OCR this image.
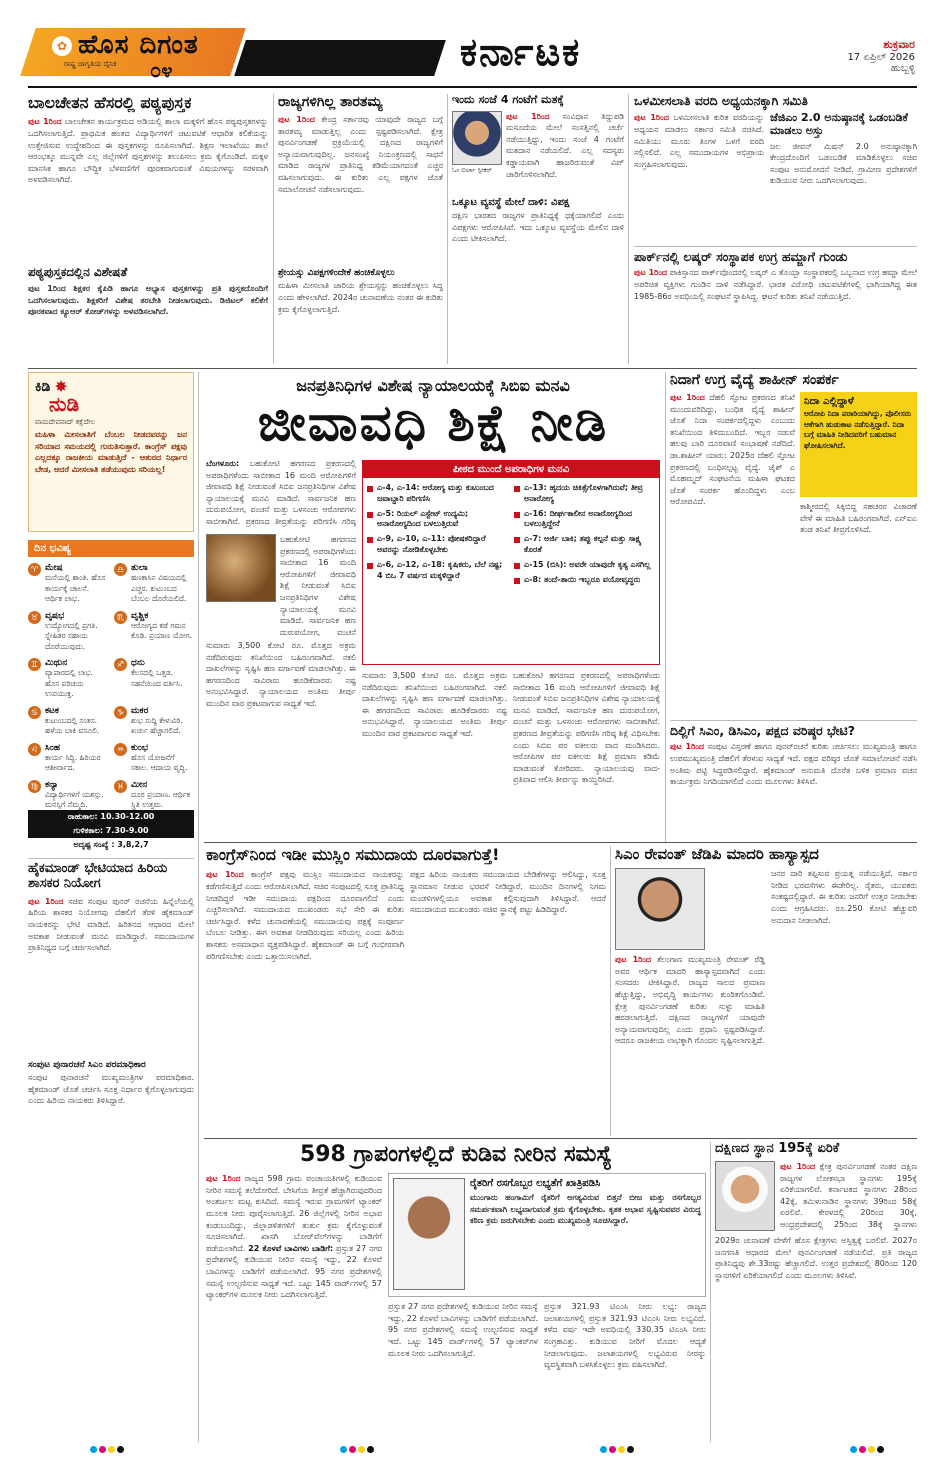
✿ ಹೊಸ ದಿಗಂತ
ರಾಷ್ಟ್ರ ಜಾಗೃತಿಯ ದೈನಿಕ ೦೪	ಕರ್ನಾಟಕ	ಶುಕ್ರವಾರ
17 ಏಪ್ರಿಲ್ 2026
ಹುಬ್ಬಳ್ಳಿ
ಬಾಲಚೇತನ ಹೆಸರಲ್ಲಿ ಪಠ್ಯಪುಸ್ತಕ
ಪುಟ 1ರಿಂದ ಬಾಲಚೇತನ ಕಾರ್ಯಕ್ರಮದ ಅಡಿಯಲ್ಲಿ ಶಾಲಾ ಮಕ್ಕಳಿಗೆ ಹೊಸ ಪಠ್ಯಪುಸ್ತಕಗಳನ್ನು ಒದಗಿಸಲಾಗುತ್ತಿದೆ. ಪ್ರಾಥಮಿಕ ಹಂತದ ವಿದ್ಯಾರ್ಥಿಗಳಿಗೆ ಚಟುವಟಿಕೆ ಆಧಾರಿತ ಕಲಿಕೆಯನ್ನು ಉತ್ತೇಜಿಸುವ ಉದ್ದೇಶದಿಂದ ಈ ಪುಸ್ತಕಗಳನ್ನು ರೂಪಿಸಲಾಗಿದೆ. ಶಿಕ್ಷಣ ಇಲಾಖೆಯು ಶಾಲೆ ಆರಂಭಕ್ಕೂ ಮುನ್ನವೇ ಎಲ್ಲ ಜಿಲ್ಲೆಗಳಿಗೆ ಪುಸ್ತಕಗಳನ್ನು ತಲುಪಿಸಲು ಕ್ರಮ ಕೈಗೊಂಡಿದೆ. ಮಕ್ಕಳ ಮಾನಸಿಕ ಹಾಗೂ ಬೌದ್ಧಿಕ ಬೆಳವಣಿಗೆಗೆ ಪೂರಕವಾಗುವಂತೆ ವಿಷಯಗಳನ್ನು ಸರಳವಾಗಿ ಅಳವಡಿಸಲಾಗಿದೆ.
ಪಠ್ಯಪುಸ್ತಕದಲ್ಲಿನ ವಿಶೇಷತೆ
ಪುಟ 1ರಿಂದ ಶಿಕ್ಷಕರ ಕೈಪಿಡಿ ಹಾಗೂ ಅಭ್ಯಾಸ ಪುಸ್ತಕಗಳನ್ನು ಪ್ರತಿ ಪುಸ್ತಕದೊಂದಿಗೆ ಒದಗಿಸಲಾಗುವುದು. ಶಿಕ್ಷಕರಿಗೆ ವಿಶೇಷ ತರಬೇತಿ ನೀಡಲಾಗುವುದು. ಡಿಜಿಟಲ್ ಕಲಿಕೆಗೆ ಪೂರಕವಾದ ಕ್ಯೂಆರ್ ಕೋಡ್‌ಗಳನ್ನು ಅಳವಡಿಸಲಾಗಿದೆ.
ರಾಜ್ಯಗಳಿಗಿಲ್ಲ ತಾರತಮ್ಯ
ಪುಟ 1ರಿಂದ ಕೇಂದ್ರ ಸರ್ಕಾರವು ಯಾವುದೇ ರಾಜ್ಯದ ಬಗ್ಗೆ ತಾರತಮ್ಯ ಮಾಡುತ್ತಿಲ್ಲ ಎಂದು ಸ್ಪಷ್ಟಪಡಿಸಲಾಗಿದೆ. ಕ್ಷೇತ್ರ ಪುನರ್ವಿಂಗಡಣೆ ಪ್ರಕ್ರಿಯೆಯಲ್ಲಿ ದಕ್ಷಿಣದ ರಾಜ್ಯಗಳಿಗೆ ಅನ್ಯಾಯವಾಗುವುದಿಲ್ಲ. ಜನಸಂಖ್ಯೆ ನಿಯಂತ್ರಣದಲ್ಲಿ ಸಾಧನೆ ಮಾಡಿದ ರಾಜ್ಯಗಳ ಪ್ರಾತಿನಿಧ್ಯ ಕಡಿಮೆಯಾಗದಂತೆ ಎಚ್ಚರ ವಹಿಸಲಾಗುವುದು. ಈ ಕುರಿತು ಎಲ್ಲ ಪಕ್ಷಗಳ ಜೊತೆ ಸಮಾಲೋಚನೆ ನಡೆಸಲಾಗುವುದು.
ಶ್ರೇಯಸ್ಸು ವಿಪಕ್ಷಗಳಿಂದೇಕೆ ಹಂಚಿಕೊಳ್ಳಲು
ಮಹಿಳಾ ಮೀಸಲಾತಿ ಜಾರಿಯ ಶ್ರೇಯಸ್ಸನ್ನು ಹಂಚಿಕೊಳ್ಳಲು ಸಿದ್ಧ ಎಂದು ಹೇಳಲಾಗಿದೆ. 2024ರ ಚುನಾವಣೆಯ ನಂತರ ಈ ಕುರಿತು ಕ್ರಮ ಕೈಗೊಳ್ಳಲಾಗುತ್ತಿದೆ.
ಇಂದು ಸಂಜೆ 4 ಗಂಟೆಗೆ ಮತಕ್ಕೆ
ಓಂ ಬಿರ್ಲಾ ಸ್ಪೀಕರ್
ಪುಟ 1ರಿಂದ ಸಂವಿಧಾನ ತಿದ್ದುಪಡಿ ಮಸೂದೆಯ ಮೇಲೆ ಸಂಸತ್ತಿನಲ್ಲಿ ಚರ್ಚೆ ನಡೆಯುತ್ತಿದ್ದು, ಇಂದು ಸಂಜೆ 4 ಗಂಟೆಗೆ ಮತದಾನ ನಡೆಯಲಿದೆ. ಎಲ್ಲ ಸದಸ್ಯರು ಕಡ್ಡಾಯವಾಗಿ ಹಾಜರಿರುವಂತೆ ವಿಪ್ ಜಾರಿಗೊಳಿಸಲಾಗಿದೆ.
ಒಕ್ಕೂಟ ವ್ಯವಸ್ಥೆ ಮೇಲೆ ದಾಳಿ: ವಿಪಕ್ಷ
ದಕ್ಷಿಣ ಭಾರತದ ರಾಜ್ಯಗಳ ಪ್ರಾತಿನಿಧ್ಯಕ್ಕೆ ಧಕ್ಕೆಯಾಗಲಿದೆ ಎಂದು ವಿಪಕ್ಷಗಳು ಆರೋಪಿಸಿವೆ. ಇದು ಒಕ್ಕೂಟ ವ್ಯವಸ್ಥೆಯ ಮೇಲಿನ ದಾಳಿ ಎಂದು ಟೀಕಿಸಲಾಗಿದೆ.
ಒಳಮೀಸಲಾತಿ ವರದಿ ಅಧ್ಯಯನಕ್ಕಾಗಿ ಸಮಿತಿ
ಪುಟ 1ರಿಂದ ಒಳಮೀಸಲಾತಿ ಕುರಿತ ವರದಿಯನ್ನು ಅಧ್ಯಯನ ಮಾಡಲು ಸರ್ಕಾರ ಸಮಿತಿ ರಚಿಸಿದೆ. ಸಮಿತಿಯು ಮೂರು ತಿಂಗಳ ಒಳಗೆ ವರದಿ ಸಲ್ಲಿಸಲಿದೆ. ಎಲ್ಲ ಸಮುದಾಯಗಳ ಅಭಿಪ್ರಾಯ ಸಂಗ್ರಹಿಸಲಾಗುವುದು.
ಜೆಜಿಎಂ 2.0 ಅನುಷ್ಠಾನಕ್ಕೆ ಒಡಂಬಡಿಕೆ ಮಾಡಲು ಅಸ್ತು
ಜಲ ಜೀವನ್ ಮಿಷನ್ 2.0 ಅನುಷ್ಠಾನಕ್ಕಾಗಿ ಕೇಂದ್ರದೊಂದಿಗೆ ಒಡಂಬಡಿಕೆ ಮಾಡಿಕೊಳ್ಳಲು ಸಚಿವ ಸಂಪುಟ ಅನುಮೋದನೆ ನೀಡಿದೆ. ಗ್ರಾಮೀಣ ಪ್ರದೇಶಗಳಿಗೆ ಕುಡಿಯುವ ನೀರು ಒದಗಿಸಲಾಗುವುದು.
ಪಾರ್ಕ್‌ನಲ್ಲಿ ಲಷ್ಕರ್ ಸಂಸ್ಥಾಪಕ ಉಗ್ರ ಹಮ್ಜಾಗೆ ಗುಂಡು
ಪುಟ 1ರಿಂದ ಪಾಕಿಸ್ತಾನದ ಪಾರ್ಕ್‌ವೊಂದರಲ್ಲಿ ಲಷ್ಕರ್ ಎ ತೊಯ್ಬಾ ಸಂಸ್ಥಾಪಕರಲ್ಲಿ ಒಬ್ಬನಾದ ಉಗ್ರ ಹಮ್ಜಾ ಮೇಲೆ ಅಪರಿಚಿತ ವ್ಯಕ್ತಿಗಳು ಗುಂಡಿನ ದಾಳಿ ನಡೆಸಿದ್ದಾರೆ. ಭಾರತ ವಿರೋಧಿ ಚಟುವಟಿಕೆಗಳಲ್ಲಿ ಭಾಗಿಯಾಗಿದ್ದ ಈತ 1985-86ರ ಅವಧಿಯಲ್ಲಿ ಸಂಘಟನೆ ಸ್ಥಾಪಿಸಿದ್ದ. ಘಟನೆ ಕುರಿತು ತನಿಖೆ ನಡೆಯುತ್ತಿದೆ.
ಕಿಡಿ ✸
ನುಡಿ
ವಾಮದೇವವಾದ್ ಕಕ್ಷೆದೇಲ
ಮಹಿಳಾ ಮೀಸಲಾತಿಗೆ ಬೆಂಬಲ ನೀಡದವರನ್ನು ಜನ ಸರಿಯಾದ ಸಮಯದಲ್ಲಿ ಗುರುತಿಸುತ್ತಾರೆ. ಕಾಂಗ್ರೆಸ್ ಪಕ್ಷವು ಎಲ್ಲದಕ್ಕೂ ರಾಜಕೀಯ ಮಾಡುತ್ತಿದೆ - ಆತುರದ ನಿರ್ಧಾರ ಬೇಡ, ಆದರೆ ಮೀಸಲಾತಿ ತಡೆಯುವುದು ಸರಿಯಲ್ಲ!
ದಿನ ಭವಿಷ್ಯ
♈ ಮೇಷ
ಮನೆಯಲ್ಲಿ ಶಾಂತಿ. ಹೊಸ ಕಾರ್ಯಕ್ಕೆ ಚಾಲನೆ. ಆರ್ಥಿಕ ಲಾಭ.
♎ ತುಲಾ
ಹಣಕಾಸಿನ ವಿಷಯದಲ್ಲಿ ಎಚ್ಚರ. ಕುಟುಂಬದ ಬೆಂಬಲ ದೊರೆಯಲಿದೆ.
♉ ವೃಷಭ
ಉದ್ಯೋಗದಲ್ಲಿ ಪ್ರಗತಿ. ಸ್ನೇಹಿತರ ಸಹಾಯ ದೊರೆಯುವುದು.
♏ ವೃಶ್ಚಿಕ
ಆರೋಗ್ಯದ ಕಡೆ ಗಮನ ಕೊಡಿ. ಪ್ರಯಾಣ ಯೋಗ.
♊ ಮಿಥುನ
ವ್ಯಾಪಾರದಲ್ಲಿ ಲಾಭ. ಹೊಸ ಪರಿಚಯ ಉಪಯುಕ್ತ.
♐ ಧನು
ಕೆಲಸದಲ್ಲಿ ಒತ್ತಡ. ಸಹನೆಯಿಂದ ವರ್ತಿಸಿ.
♋ ಕಟಕ
ಕುಟುಂಬದಲ್ಲಿ ಸಂತಸ. ಹಳೆಯ ಬಾಕಿ ವಸೂಲಿ.
♑ ಮಕರ
ಶುಭ ಸುದ್ದಿ ಕೇಳುವಿರಿ. ಖರ್ಚು ಹೆಚ್ಚಾಗಲಿದೆ.
♌ ಸಿಂಹ
ಕಾರ್ಯ ಸಿದ್ಧಿ. ಹಿರಿಯರ ಆಶೀರ್ವಾದ.
♒ ಕುಂಭ
ಹೊಸ ಯೋಜನೆಗೆ ಸಕಾಲ. ಆದಾಯ ವೃದ್ಧಿ.
♍ ಕನ್ಯಾ
ವಿದ್ಯಾರ್ಥಿಗಳಿಗೆ ಯಶಸ್ಸು. ಮನಸ್ಸಿಗೆ ನೆಮ್ಮದಿ.
♓ ಮೀನ
ದೂರ ಪ್ರಯಾಣ. ಆರ್ಥಿಕ ಸ್ಥಿತಿ ಉತ್ತಮ.
ರಾಹುಕಾಲ: 10.30-12.00
ಗುಳಿಕಕಾಲ: 7.30-9.00
ಅದೃಷ್ಟ ಸಂಖ್ಯೆ : 3,8,2,7
ಹೈಕಮಾಂಡ್ ಭೇಟಿಯಾದ ಹಿರಿಯ ಶಾಸಕರ ನಿಯೋಗ
ಪುಟ 1ರಿಂದ ಸಚಿವ ಸಂಪುಟ ಪುನರ್ ರಚನೆಯ ಹಿನ್ನೆಲೆಯಲ್ಲಿ ಹಿರಿಯ ಶಾಸಕರ ನಿಯೋಗವು ದೆಹಲಿಗೆ ತೆರಳಿ ಹೈಕಮಾಂಡ್ ನಾಯಕರನ್ನು ಭೇಟಿ ಮಾಡಿದೆ. ಹಿರಿತನದ ಆಧಾರದ ಮೇಲೆ ಅವಕಾಶ ನೀಡುವಂತೆ ಮನವಿ ಮಾಡಿದ್ದಾರೆ. ಸಮುದಾಯಗಳ ಪ್ರಾತಿನಿಧ್ಯದ ಬಗ್ಗೆ ಚರ್ಚಿಸಲಾಗಿದೆ.
ಸಂಪುಟ ಪುನಾರಚನೆ ಸಿಎಂ ಪರಮಾಧಿಕಾರ
ಸಂಪುಟ ಪುನಾರಚನೆ ಮುಖ್ಯಮಂತ್ರಿಗಳ ಪರಮಾಧಿಕಾರ. ಹೈಕಮಾಂಡ್ ಜೊತೆ ಚರ್ಚಿಸಿ ಸೂಕ್ತ ನಿರ್ಧಾರ ಕೈಗೊಳ್ಳಲಾಗುವುದು ಎಂದು ಹಿರಿಯ ನಾಯಕರು ತಿಳಿಸಿದ್ದಾರೆ.
ಜನಪ್ರತಿನಿಧಿಗಳ ವಿಶೇಷ ನ್ಯಾಯಾಲಯಕ್ಕೆ ಸಿಬಿಐ ಮನವಿ
ಜೀವಾವಧಿ ಶಿಕ್ಷೆ ನೀಡಿ
ಬೆಂಗಳೂರು: ಬಹುಕೋಟಿ ಹಗರಣದ ಪ್ರಕರಣದಲ್ಲಿ ಅಪರಾಧಿಗಳೆಂದು ಸಾಬೀತಾದ 16 ಮಂದಿ ಆರೋಪಿಗಳಿಗೆ ಜೀವಾವಧಿ ಶಿಕ್ಷೆ ನೀಡುವಂತೆ ಸಿಬಿಐ ಜನಪ್ರತಿನಿಧಿಗಳ ವಿಶೇಷ ನ್ಯಾಯಾಲಯಕ್ಕೆ ಮನವಿ ಮಾಡಿದೆ. ಸಾರ್ವಜನಿಕ ಹಣ ದುರುಪಯೋಗ, ವಂಚನೆ ಮತ್ತು ಒಳಸಂಚು ಆರೋಪಗಳು ಸಾಬೀತಾಗಿವೆ. ಪ್ರಕರಣದ ತೀವ್ರತೆಯನ್ನು ಪರಿಗಣಿಸಿ ಗರಿಷ್ಠ
ಬಹುಕೋಟಿ ಹಗರಣದ ಪ್ರಕರಣದಲ್ಲಿ ಅಪರಾಧಿಗಳೆಂದು ಸಾಬೀತಾದ 16 ಮಂದಿ ಆರೋಪಿಗಳಿಗೆ ಜೀವಾವಧಿ ಶಿಕ್ಷೆ ನೀಡುವಂತೆ ಸಿಬಿಐ ಜನಪ್ರತಿನಿಧಿಗಳ ವಿಶೇಷ ನ್ಯಾಯಾಲಯಕ್ಕೆ ಮನವಿ ಮಾಡಿದೆ. ಸಾರ್ವಜನಿಕ ಹಣ ದುರುಪಯೋಗ, ವಂಚನೆ
ಸುಮಾರು 3,500 ಕೋಟಿ ರೂ. ಮೊತ್ತದ ಅಕ್ರಮ ನಡೆದಿರುವುದು ತನಿಖೆಯಿಂದ ಬಹಿರಂಗವಾಗಿದೆ. ನಕಲಿ ದಾಖಲೆಗಳನ್ನು ಸೃಷ್ಟಿಸಿ ಹಣ ವರ್ಗಾವಣೆ ಮಾಡಲಾಗಿತ್ತು. ಈ ಹಗರಣದಿಂದ ಸಾವಿರಾರು ಹೂಡಿಕೆದಾರರು ನಷ್ಟ ಅನುಭವಿಸಿದ್ದಾರೆ. ನ್ಯಾಯಾಲಯದ ಅಂತಿಮ ತೀರ್ಪು ಮುಂದಿನ ವಾರ ಪ್ರಕಟವಾಗುವ ಸಾಧ್ಯತೆ ಇದೆ.
ಪೀಠದ ಮುಂದೆ ಅಪರಾಧಿಗಳ ಮನವಿ
ಎ-4, ಎ-14: ಆರೋಗ್ಯ ಮತ್ತು ಕುಟುಂಬದ ಜವಾಬ್ದಾರಿ ಪರಿಗಣಿಸಿ
ಎ-5: ರಿಯಲ್ ಎಸ್ಟೇಟ್ ಉದ್ಯಮಿ; ಅನಾರೋಗ್ಯದಿಂದ ಬಳಲುತ್ತಿರುವೆ
ಎ-9, ಎ-10, ಎ-11: ಪೋಷಕರಿದ್ದಾರೆ ಅವರನ್ನು ನೋಡಿಕೊಳ್ಳಬೇಕು
ಎ-6, ಎ-12, ಎ-18: ಕೃಷಿಕರು, ಬೆಲೆ ನಷ್ಟ; 4 ಬಿಒ 7 ವರ್ಷದ ಮಕ್ಕಳಿದ್ದಾರೆ
ಎ-13: ಹೃದಯ ಚಿಕಿತ್ಸೆಗೊಳಗಾಗಿರುವೆ; ತೀವ್ರ ಅನಾರೋಗ್ಯ
ಎ-16: ದೀರ್ಘಕಾಲೀನ ಅನಾರೋಗ್ಯದಿಂದ ಬಳಲುತ್ತಿದ್ದೇನೆ
ಎ-7: ಅರ್ಜಿ ಬಾಕಿ; ತಪ್ಪು ಕಲ್ಪನೆ ಮತ್ತು ಸಾಕ್ಷ್ಯ ಕೊರತೆ
ಎ-15 (ಬಿಸಿ): ಅವರೇ ಯಾವುದೇ ಕೃತ್ಯ ಎಸಗಿಲ್ಲ
ಎ-8: ತಂದೆ-ತಾಯಿ ಇಬ್ಬರೂ ವಯೋವೃದ್ಧರು
ಸುಮಾರು 3,500 ಕೋಟಿ ರೂ. ಮೊತ್ತದ ಅಕ್ರಮ ನಡೆದಿರುವುದು ತನಿಖೆಯಿಂದ ಬಹಿರಂಗವಾಗಿದೆ. ನಕಲಿ ದಾಖಲೆಗಳನ್ನು ಸೃಷ್ಟಿಸಿ ಹಣ ವರ್ಗಾವಣೆ ಮಾಡಲಾಗಿತ್ತು. ಈ ಹಗರಣದಿಂದ ಸಾವಿರಾರು ಹೂಡಿಕೆದಾರರು ನಷ್ಟ ಅನುಭವಿಸಿದ್ದಾರೆ. ನ್ಯಾಯಾಲಯದ ಅಂತಿಮ ತೀರ್ಪು ಮುಂದಿನ ವಾರ ಪ್ರಕಟವಾಗುವ ಸಾಧ್ಯತೆ ಇದೆ.
ಬಹುಕೋಟಿ ಹಗರಣದ ಪ್ರಕರಣದಲ್ಲಿ ಅಪರಾಧಿಗಳೆಂದು ಸಾಬೀತಾದ 16 ಮಂದಿ ಆರೋಪಿಗಳಿಗೆ ಜೀವಾವಧಿ ಶಿಕ್ಷೆ ನೀಡುವಂತೆ ಸಿಬಿಐ ಜನಪ್ರತಿನಿಧಿಗಳ ವಿಶೇಷ ನ್ಯಾಯಾಲಯಕ್ಕೆ ಮನವಿ ಮಾಡಿದೆ. ಸಾರ್ವಜನಿಕ ಹಣ ದುರುಪಯೋಗ, ವಂಚನೆ ಮತ್ತು ಒಳಸಂಚು ಆರೋಪಗಳು ಸಾಬೀತಾಗಿವೆ. ಪ್ರಕರಣದ ತೀವ್ರತೆಯನ್ನು ಪರಿಗಣಿಸಿ ಗರಿಷ್ಠ ಶಿಕ್ಷೆ ವಿಧಿಸಬೇಕು ಎಂದು ಸಿಬಿಐ ಪರ ವಕೀಲರು ವಾದ ಮಂಡಿಸಿದರು. ಆರೋಪಿಗಳ ಪರ ವಕೀಲರು ಶಿಕ್ಷೆ ಪ್ರಮಾಣ ಕಡಿಮೆ ಮಾಡುವಂತೆ ಕೋರಿದರು. ನ್ಯಾಯಾಲಯವು ವಾದ-ಪ್ರತಿವಾದ ಆಲಿಸಿ ತೀರ್ಪನ್ನು ಕಾಯ್ದಿರಿಸಿದೆ.
ನಿದಾಗೆ ಉಗ್ರ ವೈದ್ಯೆ ಶಾಹೀನ್ ಸಂಪರ್ಕ
ಪುಟ 1ರಿಂದ ದೆಹಲಿ ಸ್ಫೋಟ ಪ್ರಕರಣದ ತನಿಖೆ ಮುಂದುವರಿದಿದ್ದು, ಬಂಧಿತ ವೈದ್ಯೆ ಶಾಹೀನ್ ಜೊತೆ ನಿದಾ ಸಂಪರ್ಕದಲ್ಲಿದ್ದಳು ಎಂಬುದು ತನಿಖೆಯಿಂದ ತಿಳಿದುಬಂದಿದೆ. ಇಬ್ಬರ ನಡುವೆ ಹಲವು ಬಾರಿ ದೂರವಾಣಿ ಸಂಭಾಷಣೆ ನಡೆದಿದೆ. ಡಾ.ಶಾಹೀನ್ ಯಾರು: 2025ರ ದೆಹಲಿ ಸ್ಫೋಟ ಪ್ರಕರಣದಲ್ಲಿ ಬಂಧಿಸಲ್ಪಟ್ಟ ವೈದ್ಯೆ. ಜೈಶ್ ಎ ಮೊಹಮ್ಮದ್ ಸಂಘಟನೆಯ ಮಹಿಳಾ ಘಟಕದ ಜೊತೆ ಸಂಪರ್ಕ ಹೊಂದಿದ್ದಳು ಎಂಬ ಆರೋಪವಿದೆ.
ನಿದಾ ಎಲ್ಲಿದ್ದಾಳೆ
ಆರೋಪಿ ನಿದಾ ಪರಾರಿಯಾಗಿದ್ದು, ಪೊಲೀಸರು ಆಕೆಗಾಗಿ ಹುಡುಕಾಟ ನಡೆಸುತ್ತಿದ್ದಾರೆ. ನಿದಾ ಬಗ್ಗೆ ಮಾಹಿತಿ ನೀಡಿದವರಿಗೆ ಬಹುಮಾನ ಘೋಷಿಸಲಾಗಿದೆ.
ಕಾಶ್ಮೀರದಲ್ಲಿ ಸಿಕ್ಕಿಬಿದ್ದ ಸಹಚರರ ವಿಚಾರಣೆ ವೇಳೆ ಈ ಮಾಹಿತಿ ಬಹಿರಂಗವಾಗಿದೆ. ಎನ್‌ಐಎ ತಂಡ ತನಿಖೆ ತೀವ್ರಗೊಳಿಸಿದೆ.
ದಿಲ್ಲಿಗೆ ಸಿಎಂ, ಡಿಸಿಎಂ, ಪಕ್ಷದ ವರಿಷ್ಠರ ಭೇಟಿ?
ಪುಟ 1ರಿಂದ ಸಂಪುಟ ವಿಸ್ತರಣೆ ಹಾಗೂ ಪುನರ್‌ರಚನೆ ಕುರಿತು ಚರ್ಚಿಸಲು ಮುಖ್ಯಮಂತ್ರಿ ಹಾಗೂ ಉಪಮುಖ್ಯಮಂತ್ರಿ ದೆಹಲಿಗೆ ತೆರಳುವ ಸಾಧ್ಯತೆ ಇದೆ. ಪಕ್ಷದ ವರಿಷ್ಠರ ಜೊತೆ ಸಮಾಲೋಚನೆ ನಡೆಸಿ ಅಂತಿಮ ಪಟ್ಟಿ ಸಿದ್ಧಪಡಿಸಲಿದ್ದಾರೆ. ಹೈಕಮಾಂಡ್ ಅನುಮತಿ ದೊರೆತ ಬಳಿಕ ಪ್ರಮಾಣ ವಚನ ಕಾರ್ಯಕ್ರಮ ನಿಗದಿಯಾಗಲಿದೆ ಎಂದು ಮೂಲಗಳು ತಿಳಿಸಿವೆ.
ಕಾಂಗ್ರೆಸ್‌ನಿಂದ ಇಡೀ ಮುಸ್ಲಿಂ ಸಮುದಾಯ ದೂರವಾಗುತ್ತೆ!
ಪುಟ 1ರಿಂದ ಕಾಂಗ್ರೆಸ್ ಪಕ್ಷವು ಮುಸ್ಲಿಂ ಸಮುದಾಯದ ನಾಯಕರನ್ನು ಕಡೆಗಣಿಸುತ್ತಿದೆ ಎಂದು ಆರೋಪಿಸಲಾಗಿದೆ. ಸಚಿವ ಸಂಪುಟದಲ್ಲಿ ಸೂಕ್ತ ಪ್ರಾತಿನಿಧ್ಯ ನೀಡದಿದ್ದರೆ ಇಡೀ ಸಮುದಾಯ ಪಕ್ಷದಿಂದ ದೂರವಾಗಲಿದೆ ಎಂದು ಎಚ್ಚರಿಸಲಾಗಿದೆ. ಸಮುದಾಯದ ಮುಖಂಡರು ಸಭೆ ಸೇರಿ ಈ ಕುರಿತು ಚರ್ಚಿಸಿದ್ದಾರೆ. ಕಳೆದ ಚುನಾವಣೆಯಲ್ಲಿ ಸಮುದಾಯವು ಪಕ್ಷಕ್ಕೆ ಸಂಪೂರ್ಣ ಬೆಂಬಲ ನೀಡಿತ್ತು. ಈಗ ಅವಕಾಶ ನೀಡದಿರುವುದು ಸರಿಯಲ್ಲ ಎಂದು ಹಿರಿಯ ಶಾಸಕರು ಅಸಮಾಧಾನ ವ್ಯಕ್ತಪಡಿಸಿದ್ದಾರೆ. ಹೈಕಮಾಂಡ್ ಈ ಬಗ್ಗೆ ಗಂಭೀರವಾಗಿ ಪರಿಗಣಿಸಬೇಕು ಎಂದು ಒತ್ತಾಯಿಸಲಾಗಿದೆ.
ಪಕ್ಷದ ಹಿರಿಯ ನಾಯಕರು ಸಮುದಾಯದ ಬೇಡಿಕೆಗಳನ್ನು ಆಲಿಸಿದ್ದು, ಸೂಕ್ತ ಸ್ಥಾನಮಾನ ನೀಡುವ ಭರವಸೆ ನೀಡಿದ್ದಾರೆ. ಮುಂದಿನ ದಿನಗಳಲ್ಲಿ ನಿಗಮ ಮಂಡಳಿಗಳಲ್ಲಿಯೂ ಅವಕಾಶ ಕಲ್ಪಿಸುವುದಾಗಿ ತಿಳಿಸಿದ್ದಾರೆ. ಆದರೆ ಸಮುದಾಯದ ಮುಖಂಡರು ಸಚಿವ ಸ್ಥಾನಕ್ಕೆ ಪಟ್ಟು ಹಿಡಿದಿದ್ದಾರೆ.
ಸಿಎಂ ರೇವಂತ್ ಜೆಡಿಪಿ ಮಾದರಿ ಹಾಸ್ಯಾಸ್ಪದ
ಪುಟ 1ರಿಂದ ತೆಲಂಗಾಣ ಮುಖ್ಯಮಂತ್ರಿ ರೇವಂತ್ ರೆಡ್ಡಿ ಅವರ ಆರ್ಥಿಕ ಮಾದರಿ ಹಾಸ್ಯಾಸ್ಪದವಾಗಿದೆ ಎಂದು ಸಂಸದರು ಟೀಕಿಸಿದ್ದಾರೆ. ರಾಜ್ಯದ ಸಾಲದ ಪ್ರಮಾಣ ಹೆಚ್ಚುತ್ತಿದ್ದು, ಅಭಿವೃದ್ಧಿ ಕಾರ್ಯಗಳು ಕುಂಠಿತಗೊಂಡಿವೆ. ಕ್ಷೇತ್ರ ಪುನರ್ವಿಂಗಡಣೆ ಕುರಿತು ಸುಳ್ಳು ಮಾಹಿತಿ ಹರಡಲಾಗುತ್ತಿದೆ. ದಕ್ಷಿಣದ ರಾಜ್ಯಗಳಿಗೆ ಯಾವುದೇ ಅನ್ಯಾಯವಾಗುವುದಿಲ್ಲ ಎಂದು ಪ್ರಧಾನಿ ಸ್ಪಷ್ಟಪಡಿಸಿದ್ದಾರೆ. ಆದರೂ ರಾಜಕೀಯ ಲಾಭಕ್ಕಾಗಿ ಗೊಂದಲ ಸೃಷ್ಟಿಸಲಾಗುತ್ತಿದೆ.
ಜನರ ದಾರಿ ತಪ್ಪಿಸುವ ಪ್ರಯತ್ನ ನಡೆಯುತ್ತಿದೆ. ಸರ್ಕಾರ ನೀಡಿದ ಭರವಸೆಗಳು ಈಡೇರಿಲ್ಲ. ರೈತರು, ಯುವಕರು ಸಂಕಷ್ಟದಲ್ಲಿದ್ದಾರೆ. ಈ ಕುರಿತು ಜನರಿಗೆ ಉತ್ತರ ನೀಡಬೇಕು ಎಂದು ಆಗ್ರಹಿಸಿದರು. ರೂ.250 ಕೋಟಿ ಹೆಚ್ಚುವರಿ ಅನುದಾನ ನೀಡಲಾಗಿದೆ.
598 ಗ್ರಾಪಂಗಳಲ್ಲಿದೆ ಕುಡಿವ ನೀರಿನ ಸಮಸ್ಯೆ
ಪುಟ 1ರಿಂದ ರಾಜ್ಯದ 598 ಗ್ರಾಮ ಪಂಚಾಯತಿಗಳಲ್ಲಿ ಕುಡಿಯುವ ನೀರಿನ ಸಮಸ್ಯೆ ತಲೆದೋರಿದೆ. ಬೇಸಿಗೆಯ ತೀವ್ರತೆ ಹೆಚ್ಚಾಗಿರುವುದರಿಂದ ಅಂತರ್ಜಲ ಮಟ್ಟ ಕುಸಿದಿದೆ. ಸಮಸ್ಯೆ ಇರುವ ಗ್ರಾಮಗಳಿಗೆ ಟ್ಯಾಂಕರ್ ಮೂಲಕ ನೀರು ಪೂರೈಸಲಾಗುತ್ತಿದೆ. 26 ಜಿಲ್ಲೆಗಳಲ್ಲಿ ನೀರಿನ ಅಭಾವ ಕಂಡುಬಂದಿದ್ದು, ಜಿಲ್ಲಾಡಳಿತಗಳಿಗೆ ತುರ್ತು ಕ್ರಮ ಕೈಗೊಳ್ಳುವಂತೆ ಸೂಚಿಸಲಾಗಿದೆ. ಖಾಸಗಿ ಬೋರ್‌ವೆಲ್‌ಗಳನ್ನು ಬಾಡಿಗೆಗೆ ಪಡೆಯಲಾಗಿದೆ. 22 ಕೊಳವೆ ಬಾವಿಗಳು ಬಾಡಿಗೆ: ಪ್ರಸ್ತುತ 27 ನಗರ ಪ್ರದೇಶಗಳಲ್ಲಿ ಕುಡಿಯುವ ನೀರಿನ ಸಮಸ್ಯೆ ಇದ್ದು, 22 ಕೊಳವೆ ಬಾವಿಗಳನ್ನು ಬಾಡಿಗೆಗೆ ಪಡೆಯಲಾಗಿದೆ. 95 ನಗರ ಪ್ರದೇಶಗಳಲ್ಲಿ ಸಮಸ್ಯೆ ಉಲ್ಬಣಿಸುವ ಸಾಧ್ಯತೆ ಇದೆ. ಒಟ್ಟು 145 ವಾರ್ಡ್‌ಗಳಲ್ಲಿ 57 ಟ್ಯಾಂಕರ್‌ಗಳ ಮೂಲಕ ನೀರು ಒದಗಿಸಲಾಗುತ್ತಿದೆ.
ರೈತರಿಗೆ ರಸಗೊಬ್ಬರ ಲಭ್ಯತೆಗೆ ಖಾತ್ರಿಪಡಿಸಿ
ಮುಂಗಾರು ಹಂಗಾಮಿಗೆ ರೈತರಿಗೆ ಅಗತ್ಯವಿರುವ ಬಿತ್ತನೆ ಬೀಜ ಮತ್ತು ರಸಗೊಬ್ಬರ ಸಮರ್ಪಕವಾಗಿ ಲಭ್ಯವಾಗುವಂತೆ ಕ್ರಮ ಕೈಗೊಳ್ಳಬೇಕು. ಕೃತಕ ಅಭಾವ ಸೃಷ್ಟಿಸುವವರ ವಿರುದ್ಧ ಕಠಿಣ ಕ್ರಮ ಜರುಗಿಸಬೇಕು ಎಂದು ಮುಖ್ಯಮಂತ್ರಿ ಸೂಚಿಸಿದ್ದಾರೆ.
ಪ್ರಸ್ತುತ 27 ನಗರ ಪ್ರದೇಶಗಳಲ್ಲಿ ಕುಡಿಯುವ ನೀರಿನ ಸಮಸ್ಯೆ ಇದ್ದು, 22 ಕೊಳವೆ ಬಾವಿಗಳನ್ನು ಬಾಡಿಗೆಗೆ ಪಡೆಯಲಾಗಿದೆ. 95 ನಗರ ಪ್ರದೇಶಗಳಲ್ಲಿ ಸಮಸ್ಯೆ ಉಲ್ಬಣಿಸುವ ಸಾಧ್ಯತೆ ಇದೆ. ಒಟ್ಟು 145 ವಾರ್ಡ್‌ಗಳಲ್ಲಿ 57 ಟ್ಯಾಂಕರ್‌ಗಳ ಮೂಲಕ ನೀರು ಒದಗಿಸಲಾಗುತ್ತಿದೆ.
ಪ್ರಸ್ತುತ 321.93 ಟಿಎಂಸಿ ನೀರು ಲಭ್ಯ: ರಾಜ್ಯದ ಜಲಾಶಯಗಳಲ್ಲಿ ಪ್ರಸ್ತುತ 321.93 ಟಿಎಂಸಿ ನೀರು ಲಭ್ಯವಿದೆ. ಕಳೆದ ವರ್ಷ ಇದೇ ಅವಧಿಯಲ್ಲಿ 330.35 ಟಿಎಂಸಿ ನೀರು ಸಂಗ್ರಹವಿತ್ತು. ಕುಡಿಯುವ ನೀರಿಗೆ ಮೊದಲ ಆದ್ಯತೆ ನೀಡಲಾಗುವುದು. ಜಲಾಶಯಗಳಲ್ಲಿ ಲಭ್ಯವಿರುವ ನೀರನ್ನು ವ್ಯವಸ್ಥಿತವಾಗಿ ಬಳಸಿಕೊಳ್ಳಲು ಕ್ರಮ ವಹಿಸಲಾಗಿದೆ.
ದಕ್ಷಿಣದ ಸ್ಥಾನ 195ಕ್ಕೆ ಏರಿಕೆ
ಪುಟ 1ರಿಂದ ಕ್ಷೇತ್ರ ಪುನರ್ವಿಂಗಡಣೆ ನಂತರ ದಕ್ಷಿಣ ರಾಜ್ಯಗಳ ಲೋಕಸಭಾ ಸ್ಥಾನಗಳು 195ಕ್ಕೆ ಏರಿಕೆಯಾಗಲಿವೆ. ಕರ್ನಾಟಕದ ಸ್ಥಾನಗಳು 28ರಿಂದ 42ಕ್ಕೆ, ತಮಿಳುನಾಡಿನ ಸ್ಥಾನಗಳು 39ರಿಂದ 58ಕ್ಕೆ ಏರಲಿವೆ. ಕೇರಳದಲ್ಲಿ 20ರಿಂದ 30ಕ್ಕೆ, ಆಂಧ್ರಪ್ರದೇಶದಲ್ಲಿ 25ರಿಂದ 38ಕ್ಕೆ ಸ್ಥಾನಗಳು
2029ರ ಚುನಾವಣೆ ವೇಳೆಗೆ ಹೊಸ ಕ್ಷೇತ್ರಗಳು ಅಸ್ತಿತ್ವಕ್ಕೆ ಬರಲಿವೆ. 2027ರ ಜನಗಣತಿ ಆಧಾರದ ಮೇಲೆ ಪುನರ್ವಿಂಗಡಣೆ ನಡೆಯಲಿದೆ. ಪ್ರತಿ ರಾಜ್ಯದ ಪ್ರಾತಿನಿಧ್ಯವು ಶೇ.33ರಷ್ಟು ಹೆಚ್ಚಾಗಲಿದೆ. ಉತ್ತರ ಪ್ರದೇಶದಲ್ಲಿ 80ರಿಂದ 120 ಸ್ಥಾನಗಳಿಗೆ ಏರಿಕೆಯಾಗಲಿದೆ ಎಂದು ಮೂಲಗಳು ತಿಳಿಸಿವೆ.
